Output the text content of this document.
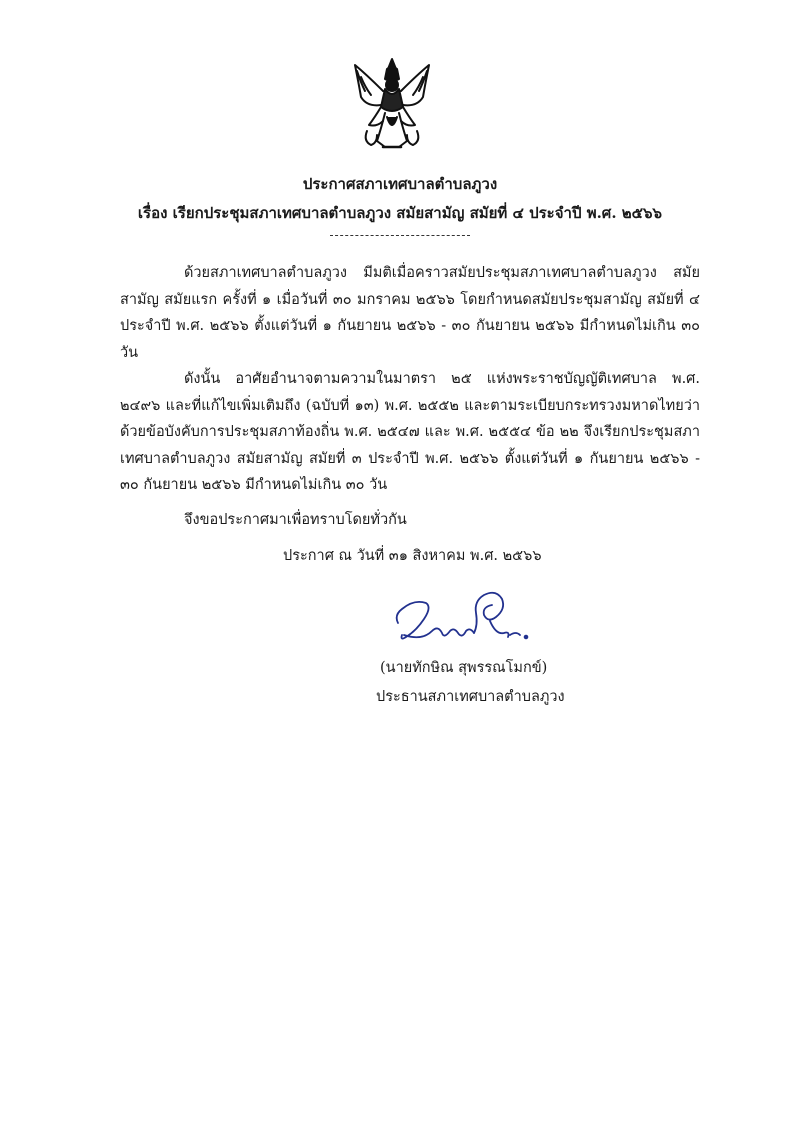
ประกาศสภาเทศบาลตำบลภูวง
เรื่อง เรียกประชุมสภาเทศบาลตำบลภูวง สมัยสามัญ สมัยที่ ๔ ประจำปี พ.ศ. ๒๕๖๖
ด้วยสภาเทศบาลตำบลภูวง มีมติเมื่อคราวสมัยประชุมสภาเทศบาลตำบลภูวง สมัยสามัญ สมัยแรก ครั้งที่ ๑ เมื่อวันที่ ๓๐ มกราคม ๒๕๖๖ โดยกำหนดสมัยประชุมสามัญ สมัยที่ ๔ ประจำปี พ.ศ. ๒๕๖๖ ตั้งแต่วันที่ ๑ กันยายน ๒๕๖๖ - ๓๐ กันยายน ๒๕๖๖ มีกำหนดไม่เกิน ๓๐ วัน
ดังนั้น อาศัยอำนาจตามความในมาตรา ๒๕ แห่งพระราชบัญญัติเทศบาล พ.ศ. ๒๔๙๖ และที่แก้ไขเพิ่มเติมถึง (ฉบับที่ ๑๓) พ.ศ. ๒๕๕๒ และตามระเบียบกระทรวงมหาดไทยว่าด้วยข้อบังคับการประชุมสภาท้องถิ่น พ.ศ. ๒๕๔๗ และ พ.ศ. ๒๕๕๔ ข้อ ๒๒ จึงเรียกประชุมสภาเทศบาลตำบลภูวง สมัยสามัญ สมัยที่ ๓ ประจำปี พ.ศ. ๒๕๖๖ ตั้งแต่วันที่ ๑ กันยายน ๒๕๖๖ - ๓๐ กันยายน ๒๕๖๖ มีกำหนดไม่เกิน ๓๐ วัน
จึงขอประกาศมาเพื่อทราบโดยทั่วกัน
ประกาศ ณ วันที่ ๓๑ สิงหาคม พ.ศ. ๒๕๖๖
(นายทักษิณ สุพรรณโมกข์)
ประธานสภาเทศบาลตำบลภูวง
